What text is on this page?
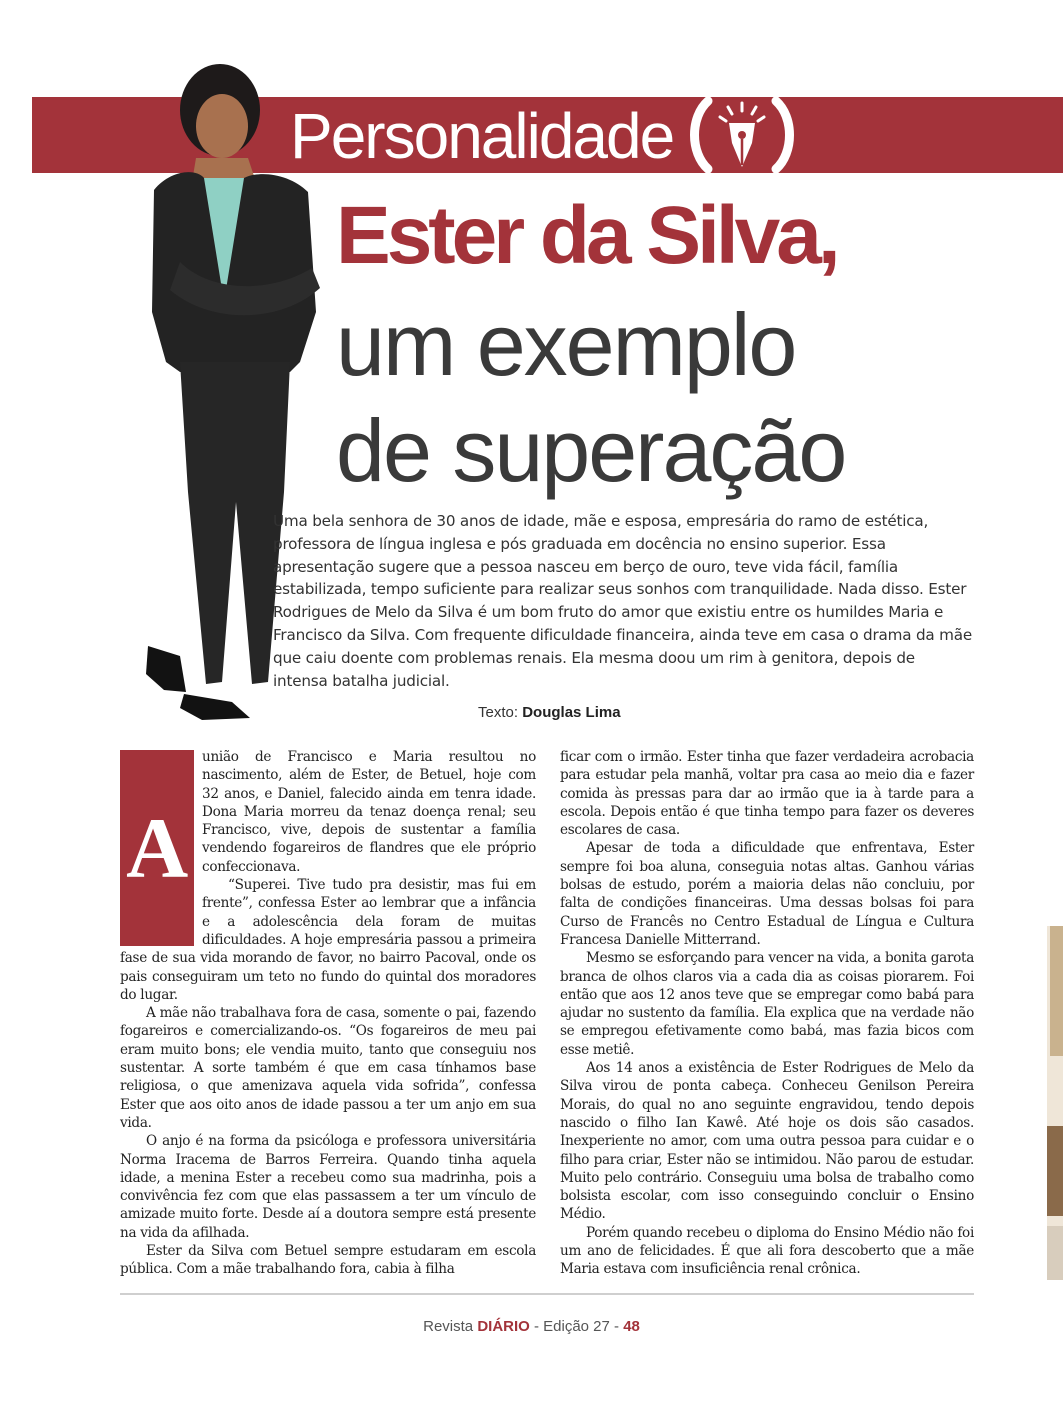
Personalidade
Ester da Silva,
um exemplo
de superação

Uma bela senhora de 30 anos de idade, mãe e esposa, empresária do ramo de estética, professora de língua inglesa e pós graduada em docência no ensino superior. Essa apresentação sugere que a pessoa nasceu em berço de ouro, teve vida fácil, família estabilizada, tempo suficiente para realizar seus sonhos com tranquilidade. Nada disso. Ester Rodrigues de Melo da Silva é um bom fruto do amor que existiu entre os humildes Maria e Francisco da Silva. Com frequente dificuldade financeira, ainda teve em casa o drama da mãe que caiu doente com problemas renais. Ela mesma doou um rim à genitora, depois de intensa batalha judicial.

Texto: Douglas Lima
A

união de Francisco e Maria resultou no nascimento, além de Ester, de Betuel, hoje com 32 anos, e Daniel, falecido ainda em tenra idade. Dona Maria morreu da tenaz doença renal; seu Francisco, vive, depois de sustentar a família vendendo fogareiros de flandres que ele próprio confeccionava.

“Superei. Tive tudo pra desistir, mas fui em frente”, confessa Ester ao lembrar que a infância e a adolescência dela foram de muitas dificuldades. A hoje empresária passou a primeira fase de sua vida morando de favor, no bairro Pacoval, onde os pais conseguiram um teto no fundo do quintal dos moradores do lugar.

A mãe não trabalhava fora de casa, somente o pai, fazendo fogareiros e comercializando-os. “Os fogareiros de meu pai eram muito bons; ele vendia muito, tanto que conseguiu nos sustentar. A sorte também é que em casa tínhamos base religiosa, o que amenizava aquela vida sofrida”, confessa Ester que aos oito anos de idade passou a ter um anjo em sua vida.

O anjo é na forma da psicóloga e professora universitária Norma Iracema de Barros Ferreira. Quando tinha aquela idade, a menina Ester a recebeu como sua madrinha, pois a convivência fez com que elas passassem a ter um vínculo de amizade muito forte. Desde aí a doutora sempre está presente na vida da afilhada.

Ester da Silva com Betuel sempre estudaram em escola pública. Com a mãe trabalhando fora, cabia à filha

ficar com o irmão. Ester tinha que fazer verdadeira acrobacia para estudar pela manhã, voltar pra casa ao meio dia e fazer comida às pressas para dar ao irmão que ia à tarde para a escola. Depois então é que tinha tempo para fazer os deveres escolares de casa.

Apesar de toda a dificuldade que enfrentava, Ester sempre foi boa aluna, conseguia notas altas. Ganhou várias bolsas de estudo, porém a maioria delas não concluiu, por falta de condições financeiras. Uma dessas bolsas foi para Curso de Francês no Centro Estadual de Língua e Cultura Francesa Danielle Mitterrand.

Mesmo se esforçando para vencer na vida, a bonita garota branca de olhos claros via a cada dia as coisas piorarem. Foi então que aos 12 anos teve que se empregar como babá para ajudar no sustento da família. Ela explica que na verdade não se empregou efetivamente como babá, mas fazia bicos com esse metiê.

Aos 14 anos a existência de Ester Rodrigues de Melo da Silva virou de ponta cabeça. Conheceu Genilson Pereira Morais, do qual no ano seguinte engravidou, tendo depois nascido o filho Ian Kawê. Até hoje os dois são casados. Inexperiente no amor, com uma outra pessoa para cuidar e o filho para criar, Ester não se intimidou. Não parou de estudar. Muito pelo contrário. Conseguiu uma bolsa de trabalho como bolsista escolar, com isso conseguindo concluir o Ensino Médio.

Porém quando recebeu o diploma do Ensino Médio não foi um ano de felicidades. É que ali fora descoberto que a mãe Maria estava com insuficiência renal crônica.

Revista DIÁRIO - Edição 27 - 48
